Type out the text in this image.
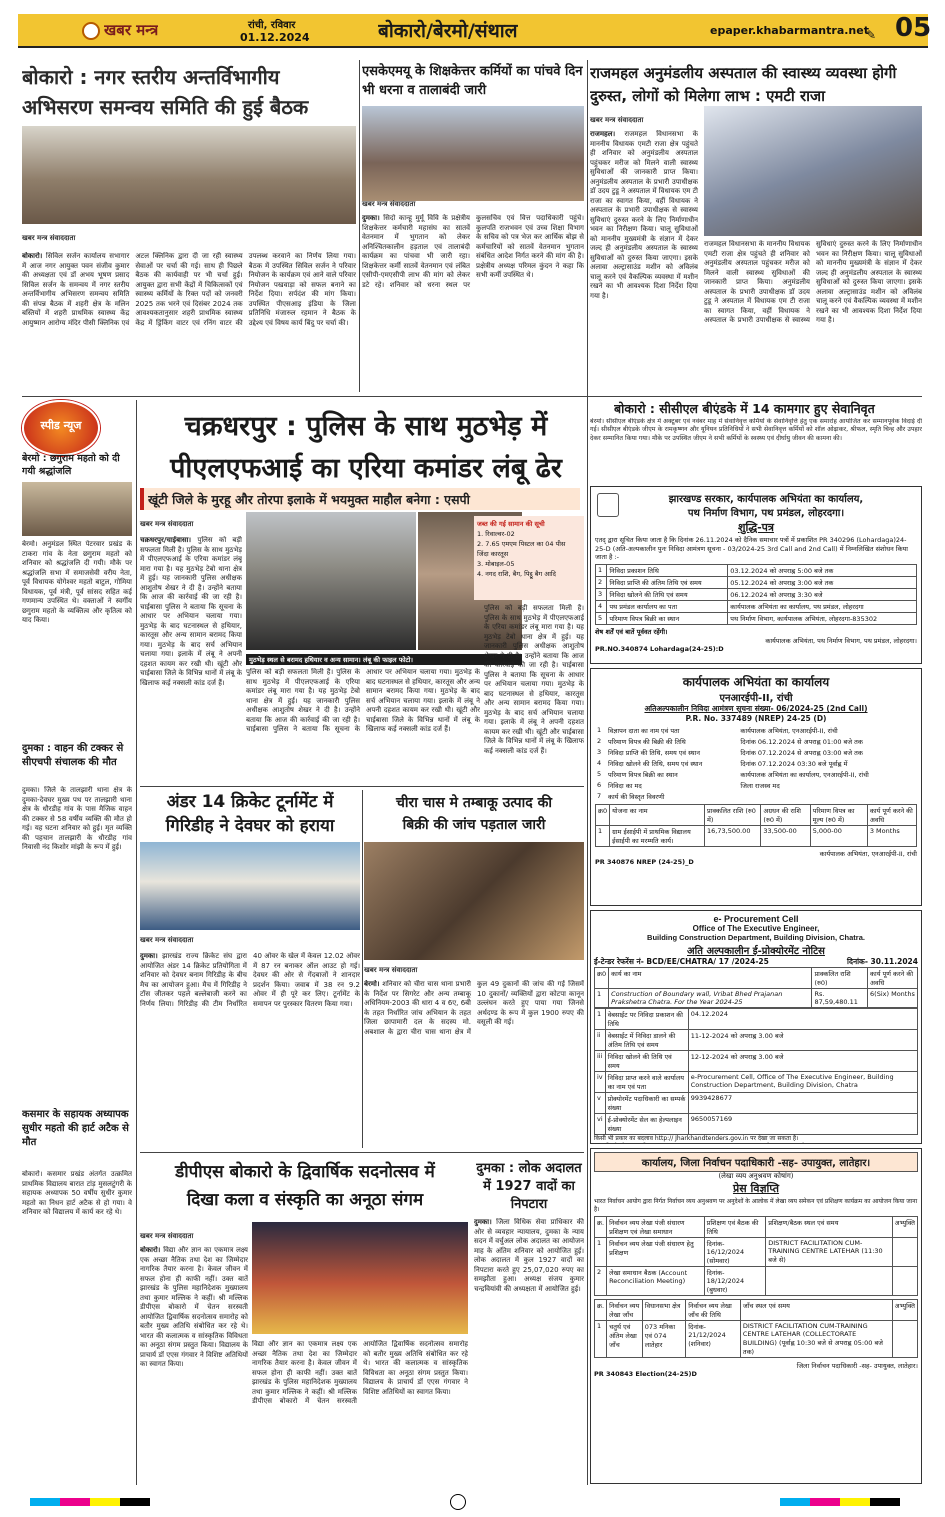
खबर मन्त्र	रांची, रविवार
01.12.2024	बोकारो/बेरमो/संथाल	epaper.khabarmantra.net
✎ 05
बोकारो : नगर स्तरीय अन्तर्विभागीय अभिसरण समन्वय समिति की हुई बैठक
खबर मन्त्र संवाददाता
बोकारो। सिविल सर्जन कार्यालय सभागार में आज नगर आयुक्त पवन संजीव कुमार की अध्यक्षता एवं डॉ अभय भूषण प्रसाद सिविल सर्जन के समन्वय में नगर स्तरीय अन्तर्विभागीय अभिसरण समन्वय समिति की संपन्न बैठक में शहरी क्षेत्र के मलिन बस्तियों में शहरी प्राथमिक स्वास्थ्य केंद्र आयुष्मान आरोग्य मंदिर पीसी क्लिनिक एवं अटल क्लिनिक द्वारा दी जा रही स्वास्थ्य सेवाओं पर चर्चा की गई। साथ ही पिछले बैठक की कार्यवाही पर भी चर्चा हुई। आयुक्त द्वारा सभी केंद्रों में चिकित्सकों एवं स्वास्थ्य कर्मियों के रिक्त पदों को जनवरी 2025 तक भरने एवं दिसंबर 2024 तक आवश्यकतानुसार शहरी प्राथमिक स्वास्थ्य केंद्र में ड्रिंकिंग वाटर एवं रनिंग वाटर की उपलब्ध करवाने का निर्णय लिया गया। बैठक में उपस्थित सिविल सर्जन ने परिवार नियोजन के कार्यक्रम एवं आने वाले परिवार नियोजन पखवाड़ा को सफल बनाने का निर्देश दिया। सर्पदंश की मांग किया। उपस्थित पीएसआइ इंडिया के जिला प्रतिनिधि मंजारुल रहमान ने बैठक के उद्देश्य एवं विषय कार्य बिंदु पर चर्चा की।
एसकेएमयू के शिक्षकेत्तर कर्मियों का पांचवे दिन भी धरना व तालाबंदी जारी
खबर मन्त्र संवाददाता
दुमका। सिदो कान्हू मुर्मू विवि के प्रक्षेत्रीय शिक्षकेत्तर कर्मचारी महासंघ का सातवें वेतनमान में भुगतान को लेकर अनिश्चितकालीन हड़ताल एवं तालाबंदी कार्यक्रम का पांचवा भी जारी रहा। शिक्षकेत्तर कर्मी सातवें वेतनमान एवं लंबित एसीपी-एमएसीपी लाभ की मांग को लेकर डटे रहे। शनिवार को धरना स्थल पर कुलसचिव एवं वित्त पदाधिकारी पहुंचे। कुलपति राजभवन एवं उच्च शिक्षा विभाग के सचिव को पत्र भेज कर आर्थिक बोझ से कर्मचारियों को सातवें वेतनमान भुगतान संबंधित आदेश निर्गत करने की मांग की है। प्रक्षेत्रीय अध्यक्ष परिमल कुंदन ने कहा कि सभी कर्मी उपस्थित थे।
राजमहल अनुमंडलीय अस्पताल की स्वास्थ्य व्यवस्था होगी दुरुस्त, लोगों को मिलेगा लाभ : एमटी राजा
खबर मन्त्र संवाददाता
राजमहल। राजमहल विधानसभा के माननीय विधायक एमटी राजा क्षेत्र पहुंचते ही शनिवार को अनुमंडलीय अस्पताल पहुंचकर मरीज को मिलने वाली स्वास्थ्य सुविधाओं की जानकारी प्राप्त किया। अनुमंडलीय अस्पताल के प्रभारी उपाधीक्षक डॉ उदय टुडू ने अस्पताल में विधायक एम टी राजा का स्वागत किया, वहीं विधायक ने अस्पताल के प्रभारी उपाधीक्षक से स्वास्थ्य सुविधाएं दुरुस्त करने के लिए निर्माणाधीन भवन का निरीक्षण किया। चालू सुविधाओं को माननीय मुख्यमंत्री के संज्ञान में देकर जल्द ही अनुमंडलीय अस्पताल के स्वास्थ्य सुविधाओं को दुरुस्त किया जाएगा। इसके अलावा अल्ट्रासाउंड मशीन को अविलंब चालू करने एवं वैकल्पिक व्यवस्था में मशीन रखने का भी आवश्यक दिशा निर्देश दिया गया है।
राजमहल विधानसभा के माननीय विधायक एमटी राजा क्षेत्र पहुंचते ही शनिवार को अनुमंडलीय अस्पताल पहुंचकर मरीज को मिलने वाली स्वास्थ्य सुविधाओं की जानकारी प्राप्त किया। अनुमंडलीय अस्पताल के प्रभारी उपाधीक्षक डॉ उदय टुडू ने अस्पताल में विधायक एम टी राजा का स्वागत किया, वहीं विधायक ने अस्पताल के प्रभारी उपाधीक्षक से स्वास्थ्य सुविधाएं दुरुस्त करने के लिए निर्माणाधीन भवन का निरीक्षण किया। चालू सुविधाओं को माननीय मुख्यमंत्री के संज्ञान में देकर जल्द ही अनुमंडलीय अस्पताल के स्वास्थ्य सुविधाओं को दुरुस्त किया जाएगा। इसके अलावा अल्ट्रासाउंड मशीन को अविलंब चालू करने एवं वैकल्पिक व्यवस्था में मशीन रखने का भी आवश्यक दिशा निर्देश दिया गया है।
बोकारो : सीसीएल बीएंडके में 14 कामगार हुए सेवानिवृत
बेरमो। सीसीएल बीएंडके क्षेत्र में अक्टूबर एवं नवंबर माह में सेवानिवृत्त कर्मियों के सेवानिवृत्ति हेतु एक समारोह आयोजित कर सम्मानपूर्वक विदाई दी गई। सीसीएल बीएंडके जीएम के रामकृष्णन और यूनियन प्रतिनिधियों ने सभी सेवानिवृत्त कर्मियों को शॉल ओढ़ाकर, श्रीफल, स्मृति चिन्ह और उपहार देकर सम्मानित किया गया। मौके पर उपस्थित जीएम ने सभी कर्मियों के स्वस्थ्य एवं दीर्घायु जीवन की कामना की।
स्पीड न्यूज
बेरमो : छगुराम महतो को दी गयी श्रद्धांजलि
बेरमो। अनुमंडल स्थित पेटरवार प्रखंड के टाकरा गांव के नेता छगुराम महतो को शनिवार को श्रद्धांजलि दी गयी। मौके पर श्रद्धांजलि सभा में समाजसेवी वरीय नेता, पूर्व विधायक योगेश्वर महतो बाटुल, गोमिया विधायक, पूर्व मंत्री, पूर्व सांसद सहित कई गणमान्य उपस्थित थे। वक्ताओं ने स्वर्गीय छगुराम महतो के व्यक्तित्व और कृतित्व को याद किया।
दुमका : वाहन की टक्कर से सीएचपी संचालक की मौत
दुमका। जिले के तालझारी थाना क्षेत्र के दुमका-देवघर मुख्य पथ पर तालझारी थाना क्षेत्र के धौरडीह गांव के पास मैजिक वाहन की टक्कर से 58 वर्षीय व्यक्ति की मौत हो गई। यह घटना शनिवार को हुई। मृत व्यक्ति की पहचान तालझारी के धौरडीह गांव निवासी नंद किशोर मांझी के रूप में हुई।
कसमार के सहायक अध्यापक सुधीर महतो की हार्ट अटैक से मौत
बोकारो। कसमार प्रखंड अंतर्गत उत्क्रमित प्राथमिक विद्यालय बारात टांड़ मुसलटुंगरी के सहायक अध्यापक 50 वर्षीय सुधीर कुमार महतो का निधन हार्ट अटैक से हो गया। वे शनिवार को विद्यालय में कार्य कर रहे थे।
चक्रधरपुर : पुलिस के साथ मुठभेड़ में
पीएलएफआई का एरिया कमांडर लंबू ढेर
खूंटी जिले के मुरहू और तोरपा इलाके में भयमुक्त माहौल बनेगा : एसपी
खबर मन्त्र संवाददाता
चक्रधरपुर/चाईबासा। पुलिस को बड़ी सफलता मिली है। पुलिस के साथ मुठभेड़ में पीएलएफआई के एरिया कमांडर लंबू मारा गया है। यह मुठभेड़ टेबो थाना क्षेत्र में हुई। यह जानकारी पुलिस अधीक्षक आशुतोष शेखर ने दी है। उन्होंने बताया कि आज की कार्रवाई की जा रही है। चाईबासा पुलिस ने बताया कि सूचना के आधार पर अभियान चलाया गया। मुठभेड़ के बाद घटनास्थल से हथियार, कारतूस और अन्य सामान बरामद किया गया। मुठभेड़ के बाद सर्च अभियान चलाया गया। इलाके में लंबू ने अपनी दहशत कायम कर रखी थी। खूंटी और चाईबासा जिले के विभिन्न थानों में लंबू के खिलाफ कई नक्सली कांड दर्ज हैं।
मुठभेड़ स्थल से बरामद हथियार व अन्य सामान। लंबू की फाइल फोटो।
जब्त की गई सामान की सूची
1. रिवाल्वर-02
2. 7.65 एमएम पिस्टल का 04 पीस
जिंदा कारतूस
3. मोबाइल-05
4. नगद राशि, बैग, पिट्ठू बैग आदि
पुलिस को बड़ी सफलता मिली है। पुलिस के साथ मुठभेड़ में पीएलएफआई के एरिया कमांडर लंबू मारा गया है। यह मुठभेड़ टेबो थाना क्षेत्र में हुई। यह जानकारी पुलिस अधीक्षक आशुतोष शेखर ने दी है। उन्होंने बताया कि आज की कार्रवाई की जा रही है। चाईबासा पुलिस ने बताया कि सूचना के आधार पर अभियान चलाया गया। मुठभेड़ के बाद घटनास्थल से हथियार, कारतूस और अन्य सामान बरामद किया गया। मुठभेड़ के बाद सर्च अभियान चलाया गया। इलाके में लंबू ने अपनी दहशत कायम कर रखी थी। खूंटी और चाईबासा जिले के विभिन्न थानों में लंबू के खिलाफ कई नक्सली कांड दर्ज हैं।
पुलिस को बड़ी सफलता मिली है। पुलिस के साथ मुठभेड़ में पीएलएफआई के एरिया कमांडर लंबू मारा गया है। यह मुठभेड़ टेबो थाना क्षेत्र में हुई। यह जानकारी पुलिस अधीक्षक आशुतोष शेखर ने दी है। उन्होंने बताया कि आज की कार्रवाई की जा रही है। चाईबासा पुलिस ने बताया कि सूचना के आधार पर अभियान चलाया गया। मुठभेड़ के बाद घटनास्थल से हथियार, कारतूस और अन्य सामान बरामद किया गया। मुठभेड़ के बाद सर्च अभियान चलाया गया। इलाके में लंबू ने अपनी दहशत कायम कर रखी थी। खूंटी और चाईबासा जिले के विभिन्न थानों में लंबू के खिलाफ कई नक्सली कांड दर्ज हैं।
अंडर 14 क्रिकेट टूर्नामेंट में
गिरिडीह ने देवघर को हराया
खबर मन्त्र संवाददाता
दुमका। झारखंड राज्य क्रिकेट संघ द्वारा आयोजित अंडर 14 क्रिकेट प्रतियोगिता में शनिवार को देवघर बनाम गिरिडीह के बीच मैच का आयोजन हुआ। मैच में गिरिडीह ने टॉस जीतकर पहले बल्लेबाजी करने का निर्णय लिया। गिरिडीह की टीम निर्धारित 40 ओवर के खेल में केवल 12.02 ओवर में 87 रन बनाकर ऑल आउट हो गई। देवघर की ओर से गेंदबाजों ने शानदार प्रदर्शन किया। जवाब में 38 रन 9.2 ओवर में ही पूरे कर लिए। टूर्नामेंट के समापन पर पुरस्कार वितरण किया गया।
चीरा चास मे तम्बाकू उत्पाद की
बिक्री की जांच पड़ताल जारी
खबर मन्त्र संवाददाता
बेरमो। शनिवार को चीरा चास थाना प्रभारी के निर्देश पर सिगरेट और अन्य तम्बाकू अधिनियम-2003 की धारा 4 व 6ए, 6बी के तहत निर्धारित जांच अभियान के तहत जिला छापामारी दल के सदस्य मो. अबशाल के द्वारा चीरा चास थाना क्षेत्र में कुल 49 दुकानों की जांच की गई जिसमें 10 दुकानों/ व्यक्तियों द्वारा कोटपा कानून उल्लंघन करते हुए पाया गया जिनसे अर्थदण्ड के रूप में कुल 1900 रुपए की वसूली की गई।
डीपीएस बोकारो के द्विवार्षिक सदनोत्सव में
दिखा कला व संस्कृति का अनूठा संगम
खबर मन्त्र संवाददाता
बोकारो। विद्या और ज्ञान का एकमात्र लक्ष्य एक अच्छा नैतिक तथा देश का जिम्मेदार नागरिक तैयार करना है। केवल जीवन में सफल होना ही काफी नहीं। उक्त बातें झारखंड के पुलिस महानिदेशक मुख्यालय तथा कुमार मल्लिक ने कहीं। श्री मल्लिक डीपीएस बोकारो में चेतन सरस्वती आयोजित द्विवार्षिक सदनोत्सव समारोह को बतौर मुख्य अतिथि संबोधित कर रहे थे। भारत की कलात्मक व सांस्कृतिक विविधता का अनूठा संगम प्रस्तुत किया। विद्यालय के प्राचार्य डॉ एएस गंगवार ने विशिष्ट अतिथियों का स्वागत किया।
विद्या और ज्ञान का एकमात्र लक्ष्य एक अच्छा नैतिक तथा देश का जिम्मेदार नागरिक तैयार करना है। केवल जीवन में सफल होना ही काफी नहीं। उक्त बातें झारखंड के पुलिस महानिदेशक मुख्यालय तथा कुमार मल्लिक ने कहीं। श्री मल्लिक डीपीएस बोकारो में चेतन सरस्वती आयोजित द्विवार्षिक सदनोत्सव समारोह को बतौर मुख्य अतिथि संबोधित कर रहे थे। भारत की कलात्मक व सांस्कृतिक विविधता का अनूठा संगम प्रस्तुत किया। विद्यालय के प्राचार्य डॉ एएस गंगवार ने विशिष्ट अतिथियों का स्वागत किया।
दुमका : लोक अदालत में 1927 वादों का निपटारा
दुमका। जिला विधिक सेवा प्राधिकार की ओर से व्यवहार न्यायालय, दुमका के न्याय सदन में वर्चुअल लोक अदालत का आयोजन माह के अंतिम शनिवार को आयोजित हुई। लोक अदालत में कुल 1927 वादों का निपटारा करते हुए 25,07,020 रुपए का समझौता हुआ। अध्यक्ष संजय कुमार चन्द्रवियांवी की अध्यक्षता में आयोजित हुई।
झारखण्ड सरकार, कार्यपालक अभियंता का कार्यालय,
पथ निर्माण विभाग, पथ प्रमंडल, लोहरदगा।
शुद्धि-पत्र
एतद् द्वारा सूचित किया जाता है कि दिनांक 26.11.2024 को दैनिक समाचार पत्रों में प्रकाशित PR 340296 (Lohardaga)24-25-D (अति-अल्पकालीन पुनः निविदा आमंत्रण सूचना - 03/2024-25 3rd Call and 2nd Call) में निम्नलिखित संशोधन किया जाता है :-
1	निविदा प्रकाशन तिथि	03.12.2024 को अपराह्न 5:00 बजे तक
2	निविदा प्राप्ति की अंतिम तिथि एवं समय	05.12.2024 को अपराह्न 3:00 बजे तक
3	निविदा खोलने की तिथि एवं समय	06.12.2024 को अपराह्न 3:30 बजे
4	पथ प्रमंडल कार्यालय का पता	कार्यपालक अभियंता का कार्यालय, पथ प्रमंडल, लोहरदगा
5	परिमाण विपत्र बिक्री का स्थान	पथ निर्माण विभाग, कार्यपालक अभियंता, लोहरदगा-835302
शेष शर्तें एवं बातें पूर्ववत रहेंगी।
कार्यपालक अभियंता, पथ निर्माण विभाग, पथ प्रमंडल, लोहरदगा।
PR.NO.340874 Lohardaga(24-25):D
कार्यपालक अभियंता का कार्यालय
एनआरईपी-II, रांची
अतिअल्पकालीन निविदा आमंत्रण सूचना संख्या- 06/2024-25 (2nd Call)
P.R. No. 337489 (NREP) 24-25 (D)
1	विज्ञापन दाता का नाम एवं पता	कार्यपालक अभियंता, एनआरईपी-II, रांची
2	परिमाण विपत्र की बिक्री की तिथि	दिनांक 06.12.2024 से अपराह्न 01:00 बजे तक
3	निविदा प्राप्ति की तिथि, समय एवं स्थान	दिनांक 07.12.2024 से अपराह्न 03:00 बजे तक
4	निविदा खोलने की तिथि, समय एवं स्थान	दिनांक 07.12.2024 03:30 बजे पूर्वाह्न में
5	परिमाण विपत्र बिक्री का स्थान	कार्यपालक अभियंता का कार्यालय, एनआरईपी-II, रांची
6	निविदा का मद	जिला राजस्व मद
7	कार्य की विस्तृत विवरणी	
क्र0	योजना का नाम	प्राक्कलित राशि (रु0 में)	अग्रधन की राशि (रु0 में)	परिमाण विपत्र का मूल्य (रु0 में)	कार्य पूर्ण करने की अवधि
1	ग्राम ईसाईपी में प्राथमिक विद्यालय ईसाईपी का मरम्मति कार्य।	16,73,500.00	33,500-00	5,000-00	3 Months
कार्यपालक अभियंता, एनआरईपी-II, रांची
PR 340876 NREP (24-25)_D
e- Procurement Cell
Office of The Executive Engineer,
Building Construction Department, Building Division, Chatra.
अति अल्पकालीन ई-प्रोक्योरमेंट नोटिस
ई-टेन्डर रेफरेंस नं- BCD/EE/CHATRA/ 17 /2024-25	दिनांक- 30.11.2024
क्र0	कार्य का नाम	प्राक्कलित राशि (रु0)	कार्य पूर्ण करने की अवधि
1	Construction of Boundary wall, Vribat Bhed Prajanan Prakshetra Chatra. For the Year 2024-25	Rs. 87,59,480.11	6(Six) Months
1	वेबसाईट पर निविदा प्रकाशन की तिथि	04.12.2024
ii	वेबसाईट में निविदा डालने की अंतिम तिथि एवं समय	11-12-2024 को अपराह्न 3.00 बजे
iii	निविदा खोलने की तिथि एवं समय	12-12-2024 को अपराह्न 3.00 बजे
iv	निविदा प्राप्त करने वाले कार्यालय का नाम एवं पता	e-Procurement Cell, Office of The Executive Engineer, Building Construction Department, Building Division, Chatra
v	प्रोक्योरमेंट पदाधिकारी का सम्पर्क संख्या	9939428677
vi	ई-प्रोक्योरमेंट सेल का हेल्पलाइन संख्या	9650057169
किसी भी प्रकार का बदलाव http:// Jharkhandtenders.gov.in पर देखा जा सकता है।
कार्यालय, जिला निर्वाचन पदाधिकारी -सह- उपायुक्त, लातेहार।
(लेखा व्यय अनुश्रवण कोषांग)
प्रेस विज्ञप्ति
भारत निर्वाचन आयोग द्वारा निर्गत निर्वाचन व्यय अनुश्रवण पर अनुदेशों के आलोक में लेखा व्यय समेकन एवं प्रशिक्षण कार्यक्रम का आयोजन किया जाना है।
क्र.	निर्वाचन व्यय लेखा पंजी संधारण प्रशिक्षण एवं लेखा समाधान	प्रशिक्षण एवं बैठक की तिथि	प्रशिक्षण/बैठक स्थल एवं समय	अभ्युक्ति
1	निर्वाचन व्यय लेखा पंजी संधारण हेतु प्रशिक्षण	दिनांक- 16/12/2024 (सोमवार)	DISTRICT FACILITATION CUM-TRAINING CENTRE LATEHAR (11:30 बजे से)	
2	लेखा समाधान बैठक (Account Reconciliation Meeting)	दिनांक- 18/12/2024 (बुधवार)		
क्र.	निर्वाचन व्यय लेखा जाँच	विधानसभा क्षेत्र	निर्वाचन व्यय लेखा जाँच की तिथि	जाँच स्थल एवं समय	अभ्युक्ति
1	चतुर्थ एवं अंतिम लेखा जाँच	073 मनिका एवं 074 लातेहार	दिनांक- 21/12/2024 (शनिवार)	DISTRICT FACILITATION CUM-TRAINING CENTRE LATEHAR (COLLECTORATE BUILDING) (पूर्वाह्न 10:30 बजे से अपराह्न 05:00 बजे तक)	
जिला निर्वाचन पदाधिकारी -सह- उपायुक्त, लातेहार।
PR 340843 Election(24-25)D
